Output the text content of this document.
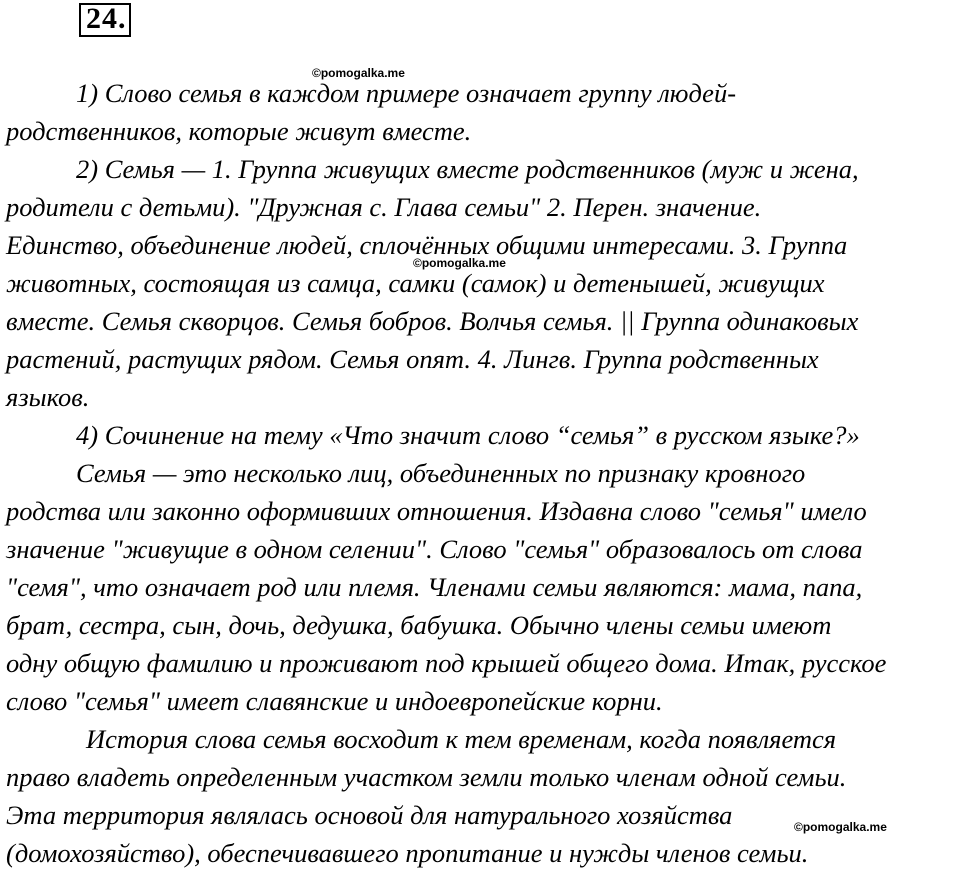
24.
©pomogalka.me
©pomogalka.me
©pomogalka.me
1) Слово семья в каждом примере означает группу людей-
родственников, которые живут вместе.
2) Семья — 1. Группа живущих вместе родственников (муж и жена,
родители с детьми). "Дружная с. Глава семьи" 2. Перен. значение.
Единство, объединение людей, сплочённых общими интересами. 3. Группа
животных, состоящая из самца, самки (самок) и детенышей, живущих
вместе. Семья скворцов. Семья бобров. Волчья семья. || Группа одинаковых
растений, растущих рядом. Семья опят. 4. Лингв. Группа родственных
языков.
4) Сочинение на тему «Что значит слово “семья” в русском языке?»
Семья — это несколько лиц, объединенных по признаку кровного
родства или законно оформивших отношения. Издавна слово "семья" имело
значение "живущие в одном селении". Слово "семья" образовалось от слова
"семя", что означает род или племя. Членами семьи являются: мама, папа,
брат, сестра, сын, дочь, дедушка, бабушка. Обычно члены семьи имеют
одну общую фамилию и проживают под крышей общего дома. Итак, русское
слово "семья" имеет славянские и индоевропейские корни.
История слова семья восходит к тем временам, когда появляется
право владеть определенным участком земли только членам одной семьи.
Эта территория являлась основой для натурального хозяйства
(домохозяйство), обеспечивавшего пропитание и нужды членов семьи.
